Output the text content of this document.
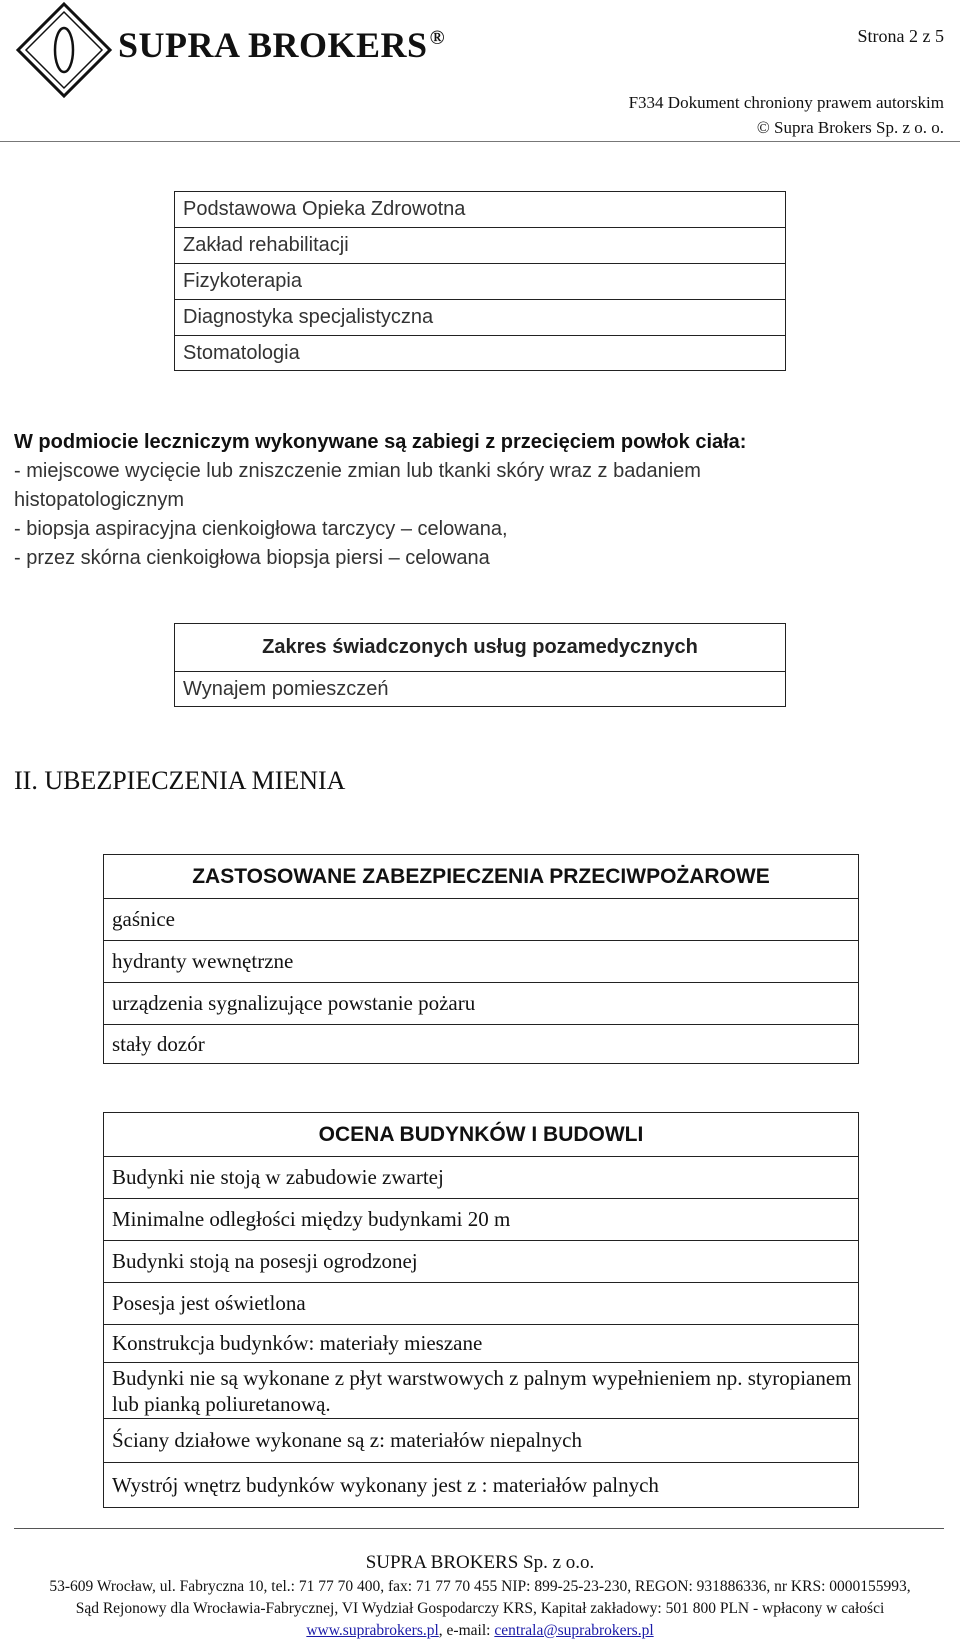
SUPRA BROKERS ®	Strona 2 z 5
F334 Dokument chroniony prawem autorskim
© Supra Brokers Sp. z o. o.
Podstawowa Opieka Zdrowotna
Zakład rehabilitacji
Fizykoterapia
Diagnostyka specjalistyczna
Stomatologia
W podmiocie leczniczym wykonywane są zabiegi z przecięciem powłok ciała:
- miejscowe wycięcie lub zniszczenie zmian lub tkanki skóry wraz z badaniem
histopatologicznym
- biopsja aspiracyjna cienkoigłowa tarczycy – celowana,
- przez skórna cienkoigłowa biopsja piersi – celowana
Zakres świadczonych usług pozamedycznych
Wynajem pomieszczeń
II. UBEZPIECZENIA MIENIA
ZASTOSOWANE ZABEZPIECZENIA PRZECIWPOŻAROWE
gaśnice
hydranty wewnętrzne
urządzenia sygnalizujące powstanie pożaru
stały dozór
OCENA BUDYNKÓW I BUDOWLI
Budynki nie stoją w zabudowie zwartej
Minimalne odległości między budynkami 20 m
Budynki stoją na posesji ogrodzonej
Posesja jest oświetlona
Konstrukcja budynków: materiały mieszane
Budynki nie są wykonane z płyt warstwowych z palnym wypełnieniem np. styropianem lub pianką poliuretanową.
Ściany działowe wykonane są z: materiałów niepalnych
Wystrój wnętrz budynków wykonany jest z : materiałów palnych
SUPRA BROKERS Sp. z o.o.
53-609 Wrocław, ul. Fabryczna 10, tel.: 71 77 70 400, fax: 71 77 70 455 NIP: 899-25-23-230, REGON: 931886336, nr KRS: 0000155993,
Sąd Rejonowy dla Wrocławia-Fabrycznej, VI Wydział Gospodarczy KRS, Kapitał zakładowy: 501 800 PLN - wpłacony w całości
www.suprabrokers.pl, e-mail: centrala@suprabrokers.pl
